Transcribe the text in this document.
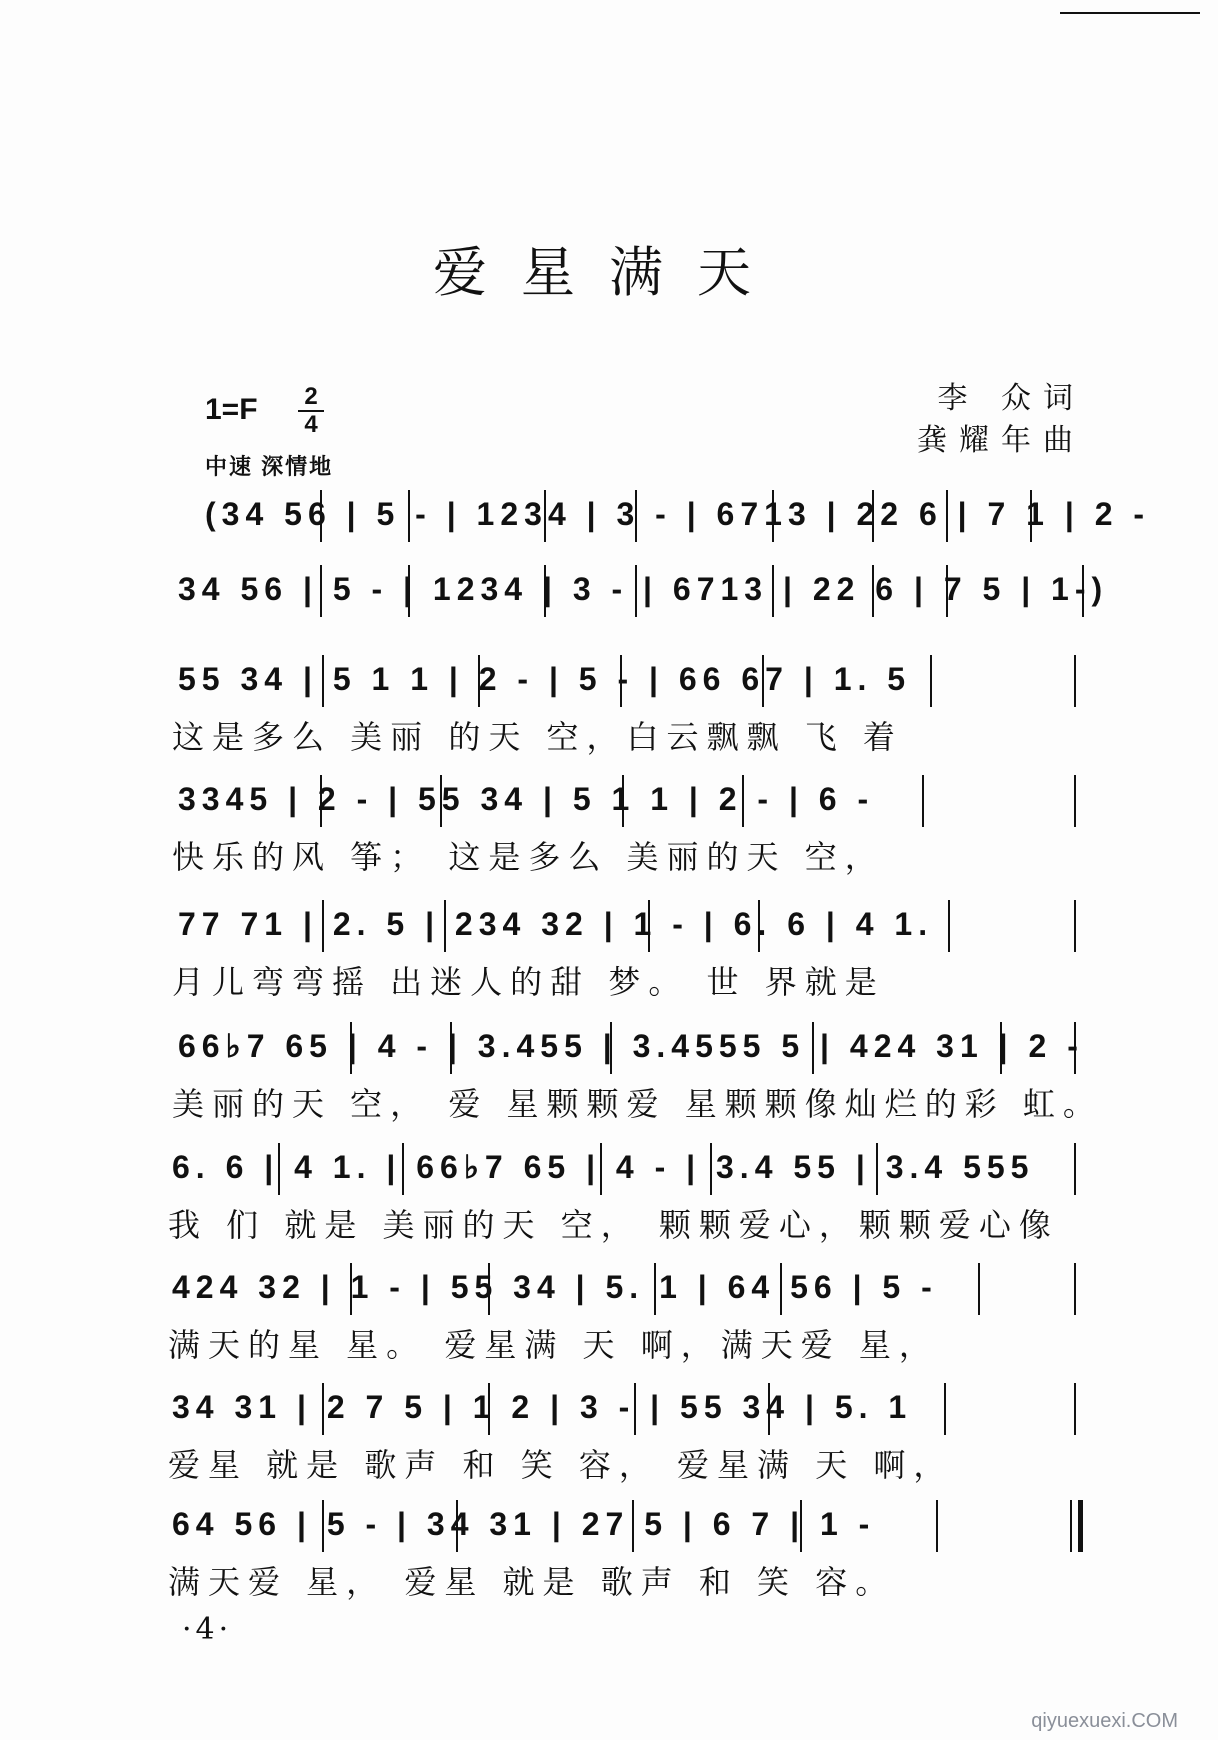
爱星满天
李 众词
龚耀年曲
1=F 2
4
中速 深情地
(34 56 | 5 - | 1234 | 3 - | 6713 | 22 6 | 7 1 | 2 -
34 56 | 5 - | 1234 | 3 - | 6713 | 22 6 | 7 5 | 1-)
55 34 | 5 1 1 | 2 - | 5 - | 66 67 | 1. 5
这是多么 美丽 的天 空，白云飘飘 飞 着
3345 | 2 - | 55 34 | 5 1 1 | 2 - | 6 -
快乐的风 筝； 这是多么 美丽的天 空，
77 71 | 2. 5 | 234 32 | 1 - | 6. 6 | 4 1.
月儿弯弯摇 出迷人的甜 梦。 世 界就是
66♭7 65 | 4 - | 3.455 | 3.4555 5 | 424 31 | 2 -
美丽的天 空， 爱 星颗颗爱 星颗颗像灿烂的彩 虹。
6. 6 | 4 1. | 66♭7 65 | 4 - | 3.4 55 | 3.4 555
我 们 就是 美丽的天 空， 颗颗爱心，颗颗爱心像
424 32 | 1 - | 55 34 | 5. 1 | 64 56 | 5 -
满天的星 星。 爱星满 天 啊，满天爱 星，
34 31 | 2 7 5 | 1 2 | 3 - | 55 34 | 5. 1
爱星 就是 歌声 和 笑 容， 爱星满 天 啊，
64 56 | 5 - | 34 31 | 27 5 | 6 7 | 1 -
满天爱 星， 爱星 就是 歌声 和 笑 容。
·4·
qiyuexuexi.COM
